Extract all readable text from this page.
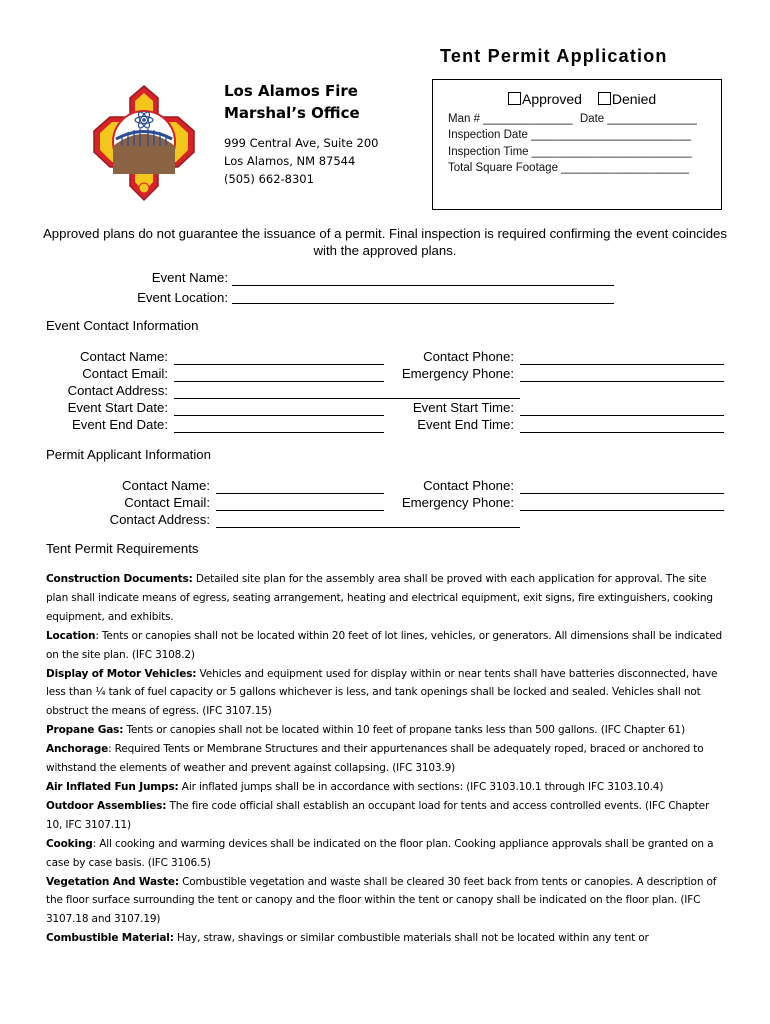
Tent Permit Application
Los Alamos Fire
Marshal’s Office
999 Central Ave, Suite 200
Los Alamos, NM 87544
(505) 662-8301
Approved Denied
Man # ______________ Date ______________
Inspection Date _________________________
Inspection Time _________________________
Total Square Footage ____________________
Approved plans do not guarantee the issuance of a permit. Final inspection is required confirming the event coincides with the approved plans.
Event Name:
Event Location:
Event Contact Information
Contact Name:
Contact Email:
Contact Address:
Event Start Date:
Event End Date:
Contact Phone:
Emergency Phone:
Event Start Time:
Event End Time:
Permit Applicant Information
Contact Name:
Contact Email:
Contact Address:
Contact Phone:
Emergency Phone:
Tent Permit Requirements
Construction Documents: Detailed site plan for the assembly area shall be proved with each application for approval. The site plan shall indicate means of egress, seating arrangement, heating and electrical equipment, exit signs, fire extinguishers, cooking equipment, and exhibits.
Location: Tents or canopies shall not be located within 20 feet of lot lines, vehicles, or generators. All dimensions shall be indicated on the site plan. (IFC 3108.2)
Display of Motor Vehicles: Vehicles and equipment used for display within or near tents shall have batteries disconnected, have less than ¼ tank of fuel capacity or 5 gallons whichever is less, and tank openings shall be locked and sealed. Vehicles shall not obstruct the means of egress. (IFC 3107.15)
Propane Gas: Tents or canopies shall not be located within 10 feet of propane tanks less than 500 gallons. (IFC Chapter 61)
Anchorage: Required Tents or Membrane Structures and their appurtenances shall be adequately roped, braced or anchored to withstand the elements of weather and prevent against collapsing. (IFC 3103.9)
Air Inflated Fun Jumps: Air inflated jumps shall be in accordance with sections: (IFC 3103.10.1 through IFC 3103.10.4)
Outdoor Assemblies: The fire code official shall establish an occupant load for tents and access controlled events. (IFC Chapter 10, IFC 3107.11)
Cooking: All cooking and warming devices shall be indicated on the floor plan. Cooking appliance approvals shall be granted on a case by case basis. (IFC 3106.5)
Vegetation And Waste: Combustible vegetation and waste shall be cleared 30 feet back from tents or canopies. A description of the floor surface surrounding the tent or canopy and the floor within the tent or canopy shall be indicated on the floor plan. (IFC 3107.18 and 3107.19)
Combustible Material: Hay, straw, shavings or similar combustible materials shall not be located within any tent or
